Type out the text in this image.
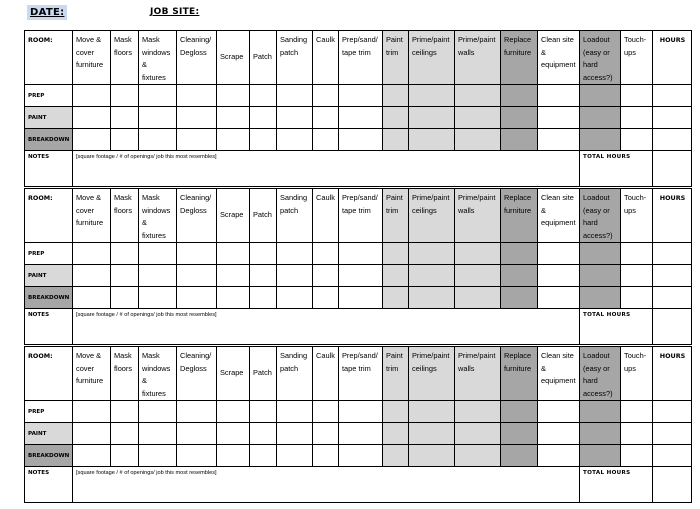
DATE:	JOB SITE:
ROOM:	Move &
cover
furniture	Mask
floors	Mask
windows
&
fixtures	Cleaning/
Degloss	Scrape	Patch	Sanding
patch	Caulk	Prep/sand/
tape trim	Paint
trim	Prime/paint
ceilings	Prime/paint
walls	Replace
furniture	Clean site
&
equipment	Loadout
(easy or
hard
access?)	Touch-
ups	HOURS
PREP																	
PAINT																	
BREAKDOWN																	
NOTES	[square footage / # of openings/ job this most resembles]														TOTAL HOURS		
ROOM:	Move &
cover
furniture	Mask
floors	Mask
windows
&
fixtures	Cleaning/
Degloss	Scrape	Patch	Sanding
patch	Caulk	Prep/sand/
tape trim	Paint
trim	Prime/paint
ceilings	Prime/paint
walls	Replace
furniture	Clean site
&
equipment	Loadout
(easy or
hard
access?)	Touch-
ups	HOURS
PREP																	
PAINT																	
BREAKDOWN																	
NOTES	[square footage / # of openings/ job this most resembles]														TOTAL HOURS		
ROOM:	Move &
cover
furniture	Mask
floors	Mask
windows
&
fixtures	Cleaning/
Degloss	Scrape	Patch	Sanding
patch	Caulk	Prep/sand/
tape trim	Paint
trim	Prime/paint
ceilings	Prime/paint
walls	Replace
furniture	Clean site
&
equipment	Loadout
(easy or
hard
access?)	Touch-
ups	HOURS
PREP																	
PAINT																	
BREAKDOWN																	
NOTES	[square footage / # of openings/ job this most resembles]														TOTAL HOURS		
